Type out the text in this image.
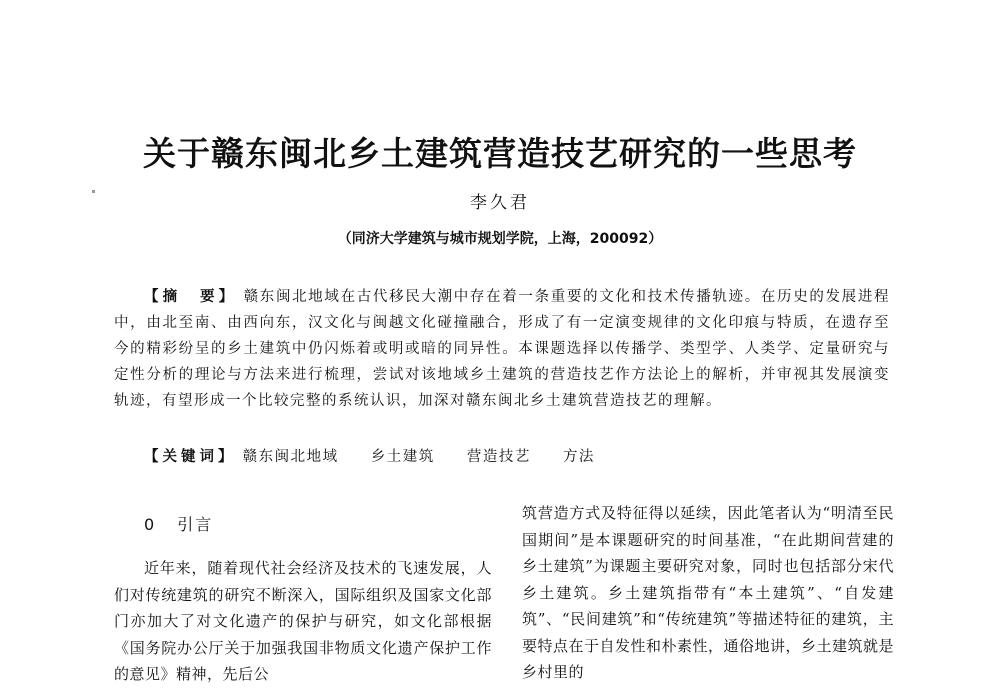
关于赣东闽北乡土建筑营造技艺研究的一些思考
李久君
（同济大学建筑与城市规划学院，上海，200092）
【摘　要】 赣东闽北地域在古代移民大潮中存在着一条重要的文化和技术传播轨迹。在历史的发展进程中，由北至南、由西向东，汉文化与闽越文化碰撞融合，形成了有一定演变规律的文化印痕与特质，在遗存至今的精彩纷呈的乡土建筑中仍闪烁着或明或暗的同异性。本课题选择以传播学、类型学、人类学、定量研究与定性分析的理论与方法来进行梳理，尝试对该地域乡土建筑的营造技艺作方法论上的解析，并审视其发展演变轨迹，有望形成一个比较完整的系统认识，加深对赣东闽北乡土建筑营造技艺的理解。
【关键词】 赣东闽北地域 乡土建筑 营造技艺 方法
0 引言
近年来，随着现代社会经济及技术的飞速发展，人们对传统建筑的研究不断深入，国际组织及国家文化部门亦加大了对文化遗产的保护与研究，如文化部根据《国务院办公厅关于加强我国非物质文化遗产保护工作的意见》精神，先后公
筑营造方式及特征得以延续，因此笔者认为“明清至民国期间”是本课题研究的时间基准，“在此期间营建的乡土建筑”为课题主要研究对象，同时也包括部分宋代乡土建筑。乡土建筑指带有“本土建筑”、“自发建筑”、“民间建筑”和“传统建筑”等描述特征的建筑，主要特点在于自发性和朴素性，通俗地讲，乡土建筑就是乡村里的
